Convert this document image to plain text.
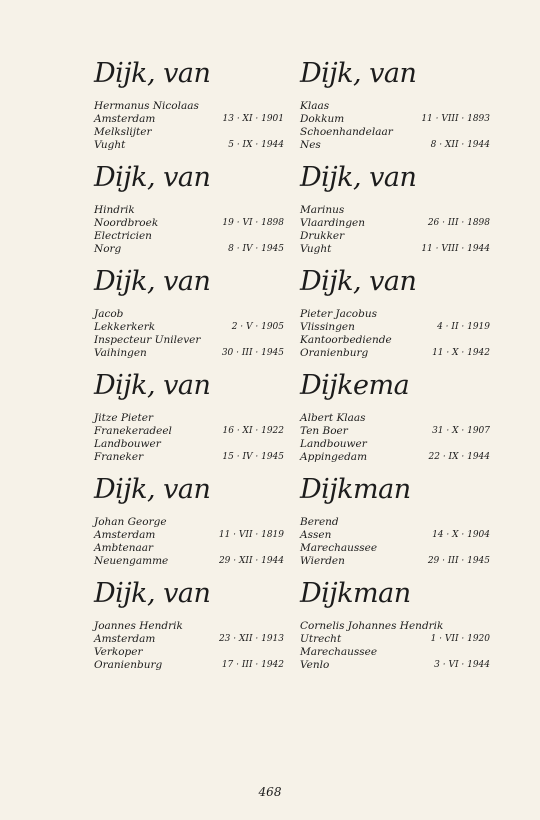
Dijk, van
Hermanus Nicolaas
Amsterdam	13 · XI · 1901
Melkslijter
Vught	5 · IX · 1944
Dijk, van
Hindrik
Noordbroek	19 · VI · 1898
Electricien
Norg	8 · IV · 1945
Dijk, van
Jacob
Lekkerkerk	2 · V · 1905
Inspecteur Unilever
Vaihingen	30 · III · 1945
Dijk, van
Jitze Pieter
Franekeradeel	16 · XI · 1922
Landbouwer
Franeker	15 · IV · 1945
Dijk, van
Johan George
Amsterdam	11 · VII · 1819
Ambtenaar
Neuengamme	29 · XII · 1944
Dijk, van
Joannes Hendrik
Amsterdam	23 · XII · 1913
Verkoper
Oranienburg	17 · III · 1942
Dijk, van
Klaas
Dokkum	11 · VIII · 1893
Schoenhandelaar
Nes	8 · XII · 1944
Dijk, van
Marinus
Vlaardingen	26 · III · 1898
Drukker
Vught	11 · VIII · 1944
Dijk, van
Pieter Jacobus
Vlissingen	4 · II · 1919
Kantoorbediende
Oranienburg	11 · X · 1942
Dijkema
Albert Klaas
Ten Boer	31 · X · 1907
Landbouwer
Appingedam	22 · IX · 1944
Dijkman
Berend
Assen	14 · X · 1904
Marechaussee
Wierden	29 · III · 1945
Dijkman
Cornelis Johannes Hendrik
Utrecht	1 · VII · 1920
Marechaussee
Venlo	3 · VI · 1944
468
